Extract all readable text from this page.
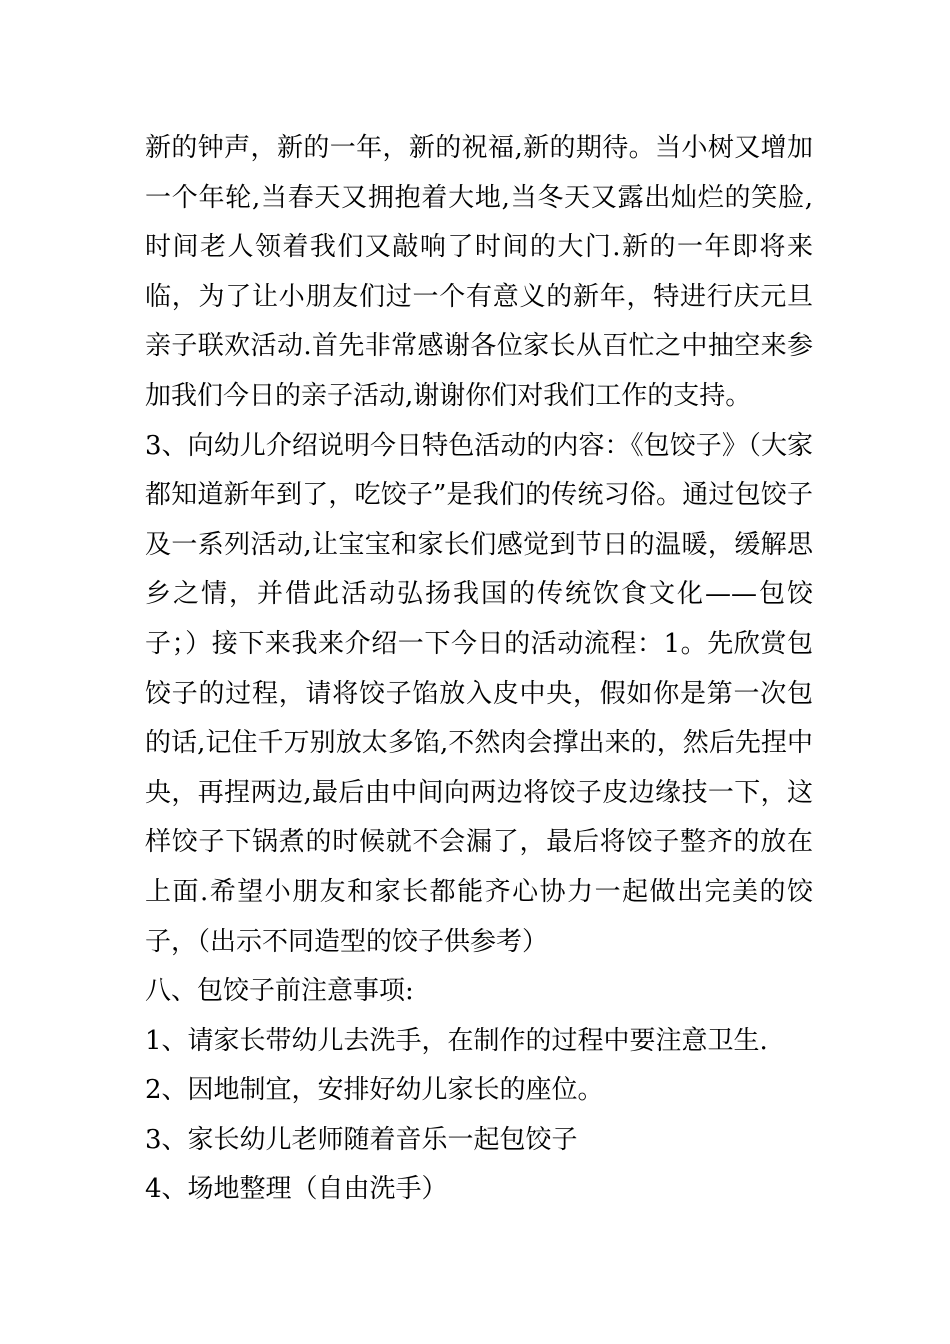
新的钟声，新的一年，新的祝福,新的期待。当小树又增加一个年轮,当春天又拥抱着大地,当冬天又露出灿烂的笑脸,时间老人领着我们又敲响了时间的大门.新的一年即将来临，为了让小朋友们过一个有意义的新年，特进行庆元旦亲子联欢活动.首先非常感谢各位家长从百忙之中抽空来参加我们今日的亲子活动,谢谢你们对我们工作的支持。

3、向幼儿介绍说明今日特色活动的内容：《包饺子》（大家都知道新年到了，吃饺子”是我们的传统习俗。通过包饺子及一系列活动,让宝宝和家长们感觉到节日的温暖，缓解思乡之情，并借此活动弘扬我国的传统饮食文化——包饺子；）接下来我来介绍一下今日的活动流程：1。先欣赏包饺子的过程，请将饺子馅放入皮中央，假如你是第一次包的话,记住千万别放太多馅,不然肉会撑出来的，然后先捏中央，再捏两边,最后由中间向两边将饺子皮边缘技一下，这样饺子下锅煮的时候就不会漏了，最后将饺子整齐的放在上面.希望小朋友和家长都能齐心协力一起做出完美的饺子，（出示不同造型的饺子供参考）

八、包饺子前注意事项:

1、请家长带幼儿去洗手，在制作的过程中要注意卫生.

2、因地制宜，安排好幼儿家长的座位。

3、家长幼儿老师随着音乐一起包饺子

4、场地整理（自由洗手）
